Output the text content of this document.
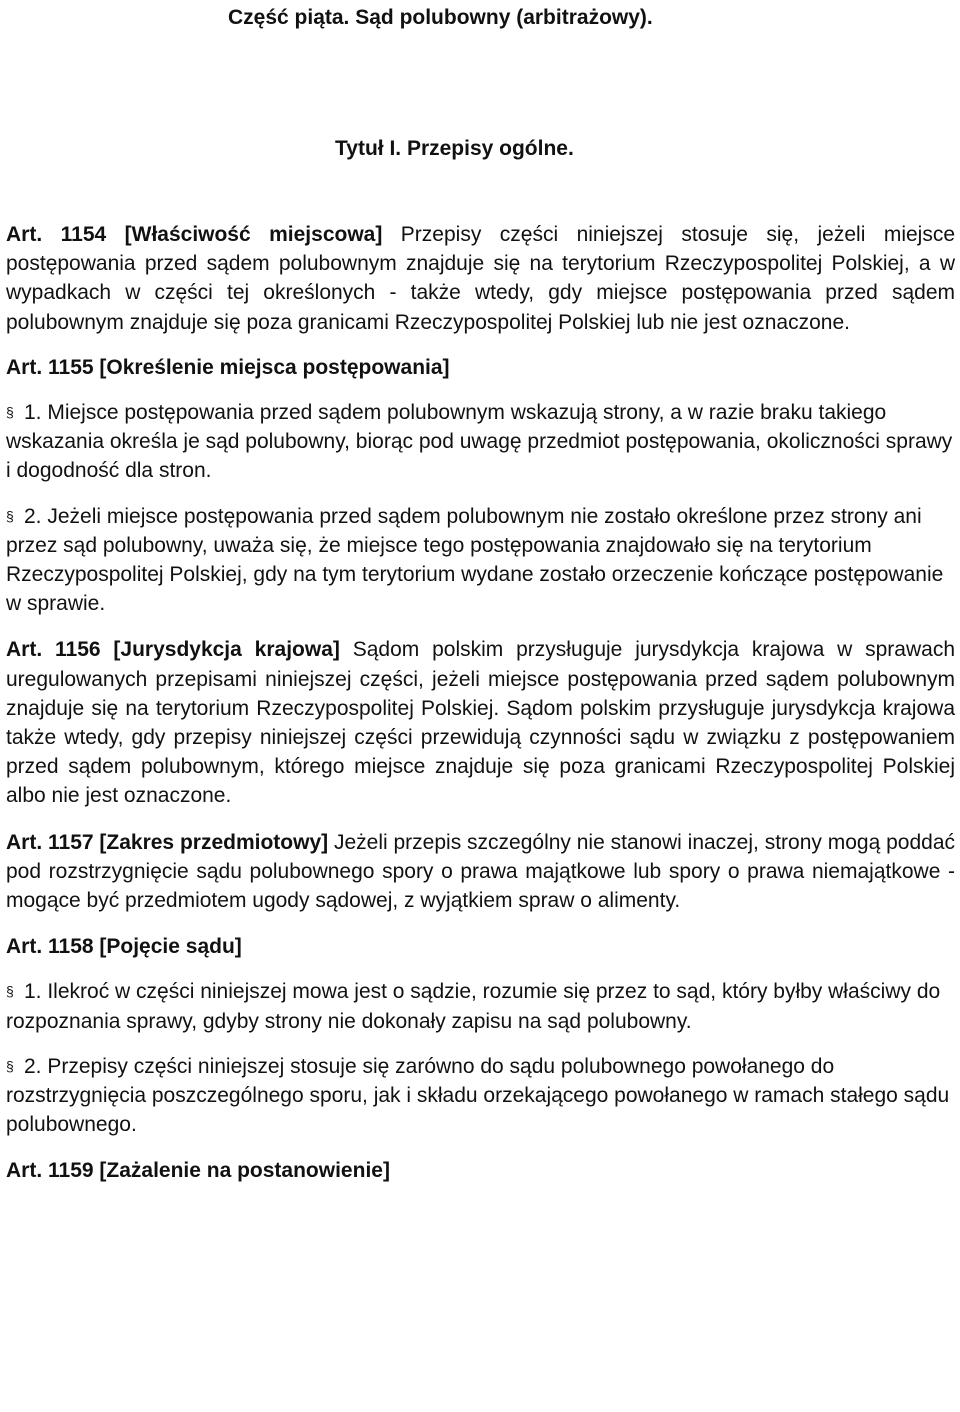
Część piąta. Sąd polubowny (arbitrażowy).
Tytuł I. Przepisy ogólne.

Art. 1154 [Właściwość miejscowa] Przepisy części niniejszej stosuje się, jeżeli miejsce postępowania przed sądem polubownym znajduje się na terytorium Rzeczypospolitej Polskiej, a w wypadkach w części tej określonych - także wtedy, gdy miejsce postępowania przed sądem polubownym znajduje się poza granicami Rzeczypospolitej Polskiej lub nie jest oznaczone.

Art. 1155 [Określenie miejsca postępowania]

§ 1. Miejsce postępowania przed sądem polubownym wskazują strony, a w razie braku takiego wskazania określa je sąd polubowny, biorąc pod uwagę przedmiot postępowania, okoliczności sprawy i dogodność dla stron.

§ 2. Jeżeli miejsce postępowania przed sądem polubownym nie zostało określone przez strony ani przez sąd polubowny, uważa się, że miejsce tego postępowania znajdowało się na terytorium Rzeczypospolitej Polskiej, gdy na tym terytorium wydane zostało orzeczenie kończące postępowanie w sprawie.

Art. 1156 [Jurysdykcja krajowa] Sądom polskim przysługuje jurysdykcja krajowa w sprawach uregulowanych przepisami niniejszej części, jeżeli miejsce postępowania przed sądem polubownym znajduje się na terytorium Rzeczypospolitej Polskiej. Sądom polskim przysługuje jurysdykcja krajowa także wtedy, gdy przepisy niniejszej części przewidują czynności sądu w związku z postępowaniem przed sądem polubownym, którego miejsce znajduje się poza granicami Rzeczypospolitej Polskiej albo nie jest oznaczone.

Art. 1157 [Zakres przedmiotowy] Jeżeli przepis szczególny nie stanowi inaczej, strony mogą poddać pod rozstrzygnięcie sądu polubownego spory o prawa majątkowe lub spory o prawa niemajątkowe - mogące być przedmiotem ugody sądowej, z wyjątkiem spraw o alimenty.

Art. 1158 [Pojęcie sądu]

§ 1. Ilekroć w części niniejszej mowa jest o sądzie, rozumie się przez to sąd, który byłby właściwy do rozpoznania sprawy, gdyby strony nie dokonały zapisu na sąd polubowny.

§ 2. Przepisy części niniejszej stosuje się zarówno do sądu polubownego powołanego do rozstrzygnięcia poszczególnego sporu, jak i składu orzekającego powołanego w ramach stałego sądu polubownego.

Art. 1159 [Zażalenie na postanowienie]
